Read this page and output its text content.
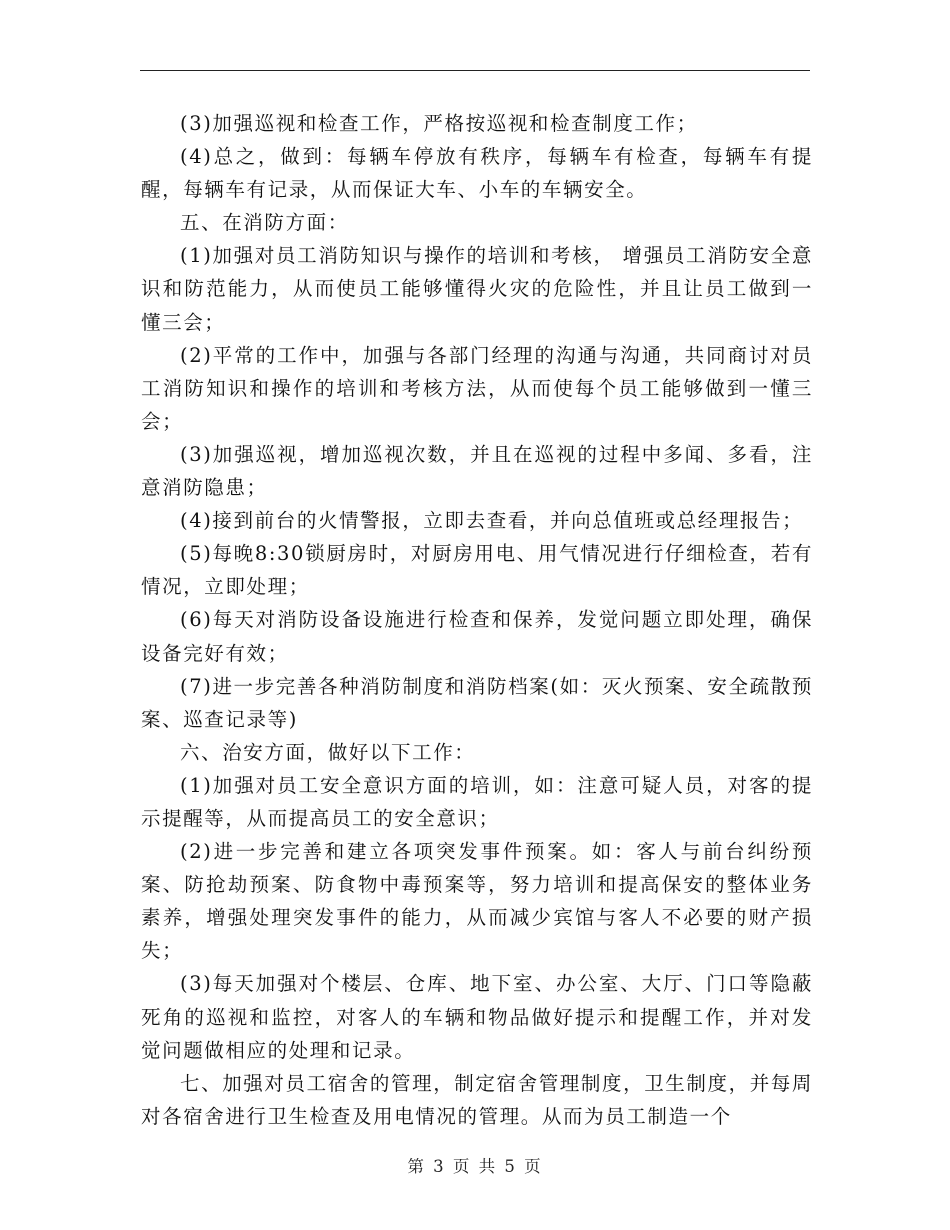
(3)加强巡视和检查工作，严格按巡视和检查制度工作；

(4)总之，做到：每辆车停放有秩序，每辆车有检查，每辆车有提醒，每辆车有记录，从而保证大车、小车的车辆安全。

五、在消防方面：

(1)加强对员工消防知识与操作的培训和考核， 增强员工消防安全意识和防范能力，从而使员工能够懂得火灾的危险性，并且让员工做到一懂三会；

(2)平常的工作中，加强与各部门经理的沟通与沟通，共同商讨对员工消防知识和操作的培训和考核方法，从而使每个员工能够做到一懂三会；

(3)加强巡视，增加巡视次数，并且在巡视的过程中多闻、多看，注意消防隐患；

(4)接到前台的火情警报，立即去查看，并向总值班或总经理报告；

(5)每晚8:30锁厨房时，对厨房用电、用气情况进行仔细检查，若有情况，立即处理；

(6)每天对消防设备设施进行检查和保养，发觉问题立即处理，确保设备完好有效；

(7)进一步完善各种消防制度和消防档案(如：灭火预案、安全疏散预案、巡查记录等)

六、治安方面，做好以下工作：

(1)加强对员工安全意识方面的培训，如：注意可疑人员，对客的提示提醒等，从而提高员工的安全意识；

(2)进一步完善和建立各项突发事件预案。如：客人与前台纠纷预案、防抢劫预案、防食物中毒预案等，努力培训和提高保安的整体业务素养，增强处理突发事件的能力，从而减少宾馆与客人不必要的财产损失；

(3)每天加强对个楼层、仓库、地下室、办公室、大厅、门口等隐蔽死角的巡视和监控，对客人的车辆和物品做好提示和提醒工作，并对发觉问题做相应的处理和记录。

七、加强对员工宿舍的管理，制定宿舍管理制度，卫生制度，并每周对各宿舍进行卫生检查及用电情况的管理。从而为员工制造一个

第 3 页 共 5 页
